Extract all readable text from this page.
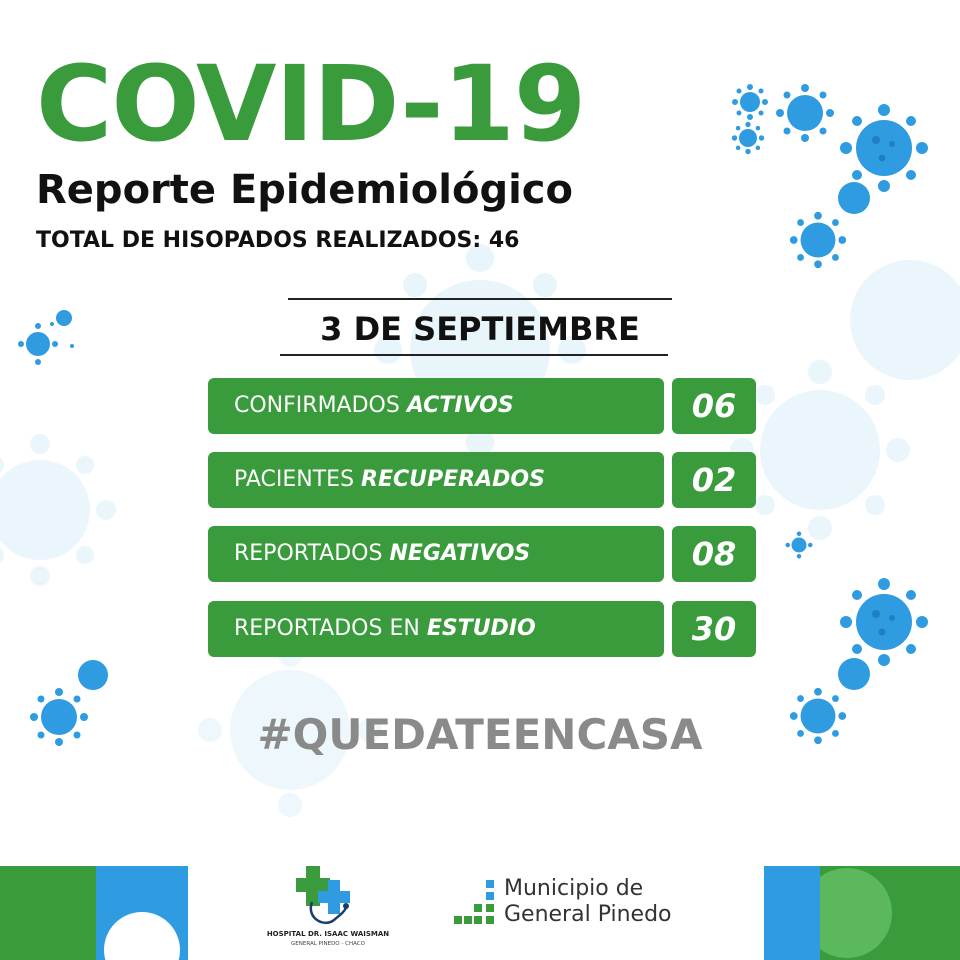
COVID-19
Reporte Epidemiológico

TOTAL DE HISOPADOS REALIZADOS: 46

3 DE SEPTIEMBRE
CONFIRMADOS ACTIVOS	06
PACIENTES RECUPERADOS	02
REPORTADOS NEGATIVOS	08
REPORTADOS EN ESTUDIO	30
#QUEDATEENCASA
HOSPITAL DR. ISAAC WAISMAN
GENERAL PINEDO - CHACO
Municipio de
General Pinedo
